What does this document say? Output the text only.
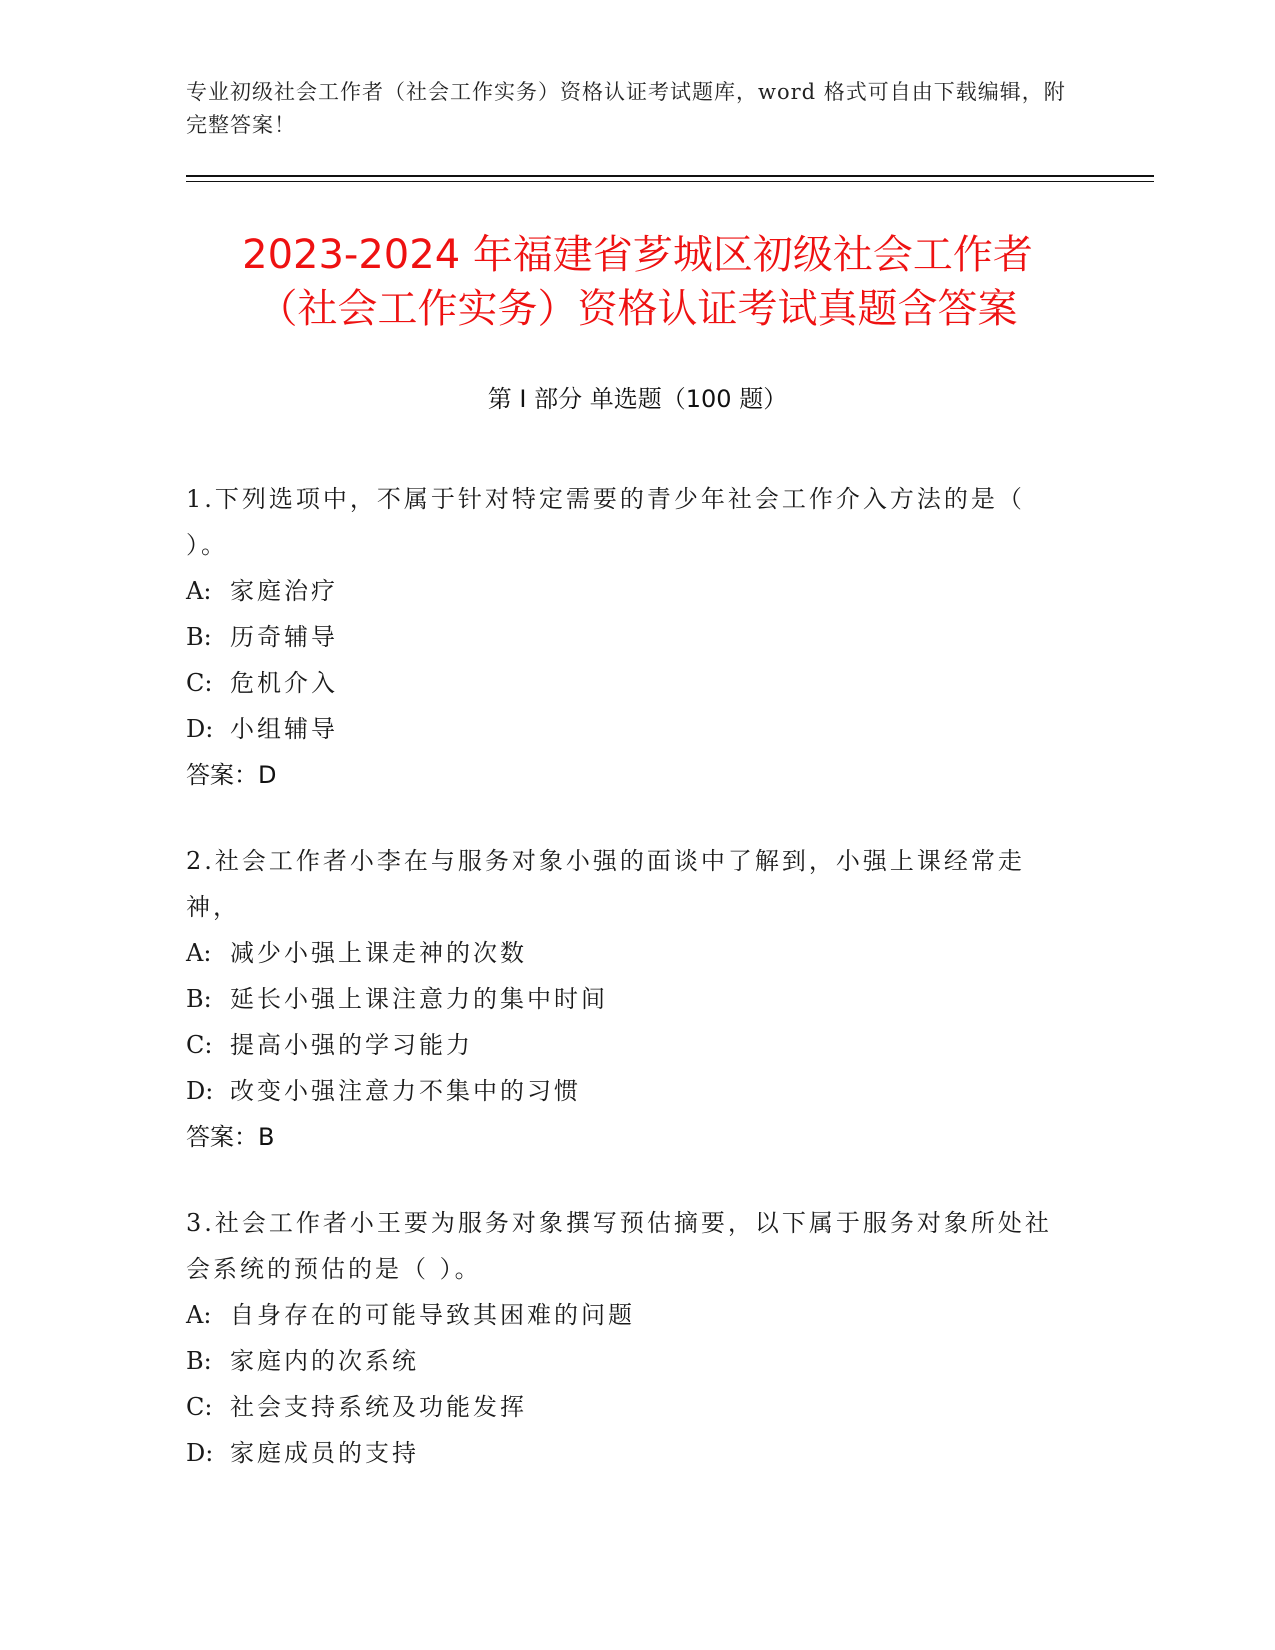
专业初级社会工作者（社会工作实务）资格认证考试题库，word 格式可自由下载编辑，附完整答案！
2023-2024 年福建省芗城区初级社会工作者
（社会工作实务）资格认证考试真题含答案
第 I 部分 单选题（100 题）

1.下列选项中，不属于针对特定需要的青少年社会工作介入方法的是（ ）。

A: 家庭治疗
B: 历奇辅导
C: 危机介入
D: 小组辅导
答案：D

2.社会工作者小李在与服务对象小强的面谈中了解到，小强上课经常走神，

A: 减少小强上课走神的次数
B: 延长小强上课注意力的集中时间
C: 提高小强的学习能力
D: 改变小强注意力不集中的习惯
答案：B

3.社会工作者小王要为服务对象撰写预估摘要，以下属于服务对象所处社会系统的预估的是（ ）。

A: 自身存在的可能导致其困难的问题
B: 家庭内的次系统
C: 社会支持系统及功能发挥
D: 家庭成员的支持
